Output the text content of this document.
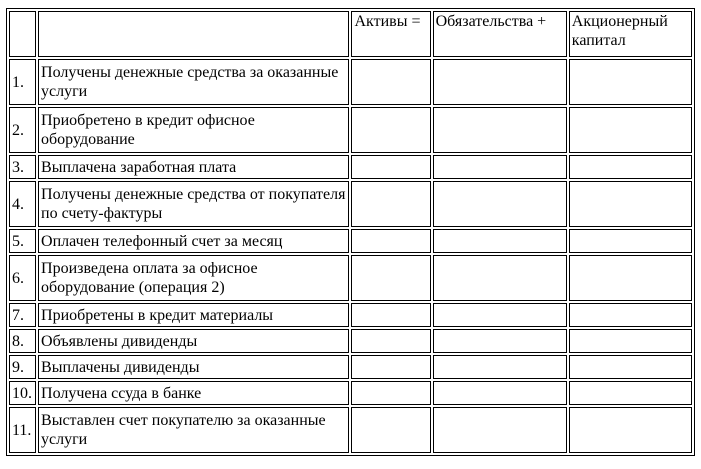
		Активы =	Обязательства +	Акционерный капитал
1.	Получены денежные средства за оказанные услуги			
2.	Приобретено в кредит офисное оборудование			
3.	Выплачена заработная плата			
4.	Получены денежные средства от покупателя по счету-фактуры			
5.	Оплачен телефонный счет за месяц			
6.	Произведена оплата за офисное оборудование (операция 2)			
7.	Приобретены в кредит материалы			
8.	Объявлены дивиденды			
9.	Выплачены дивиденды			
10.	Получена ссуда в банке			
11.	Выставлен счет покупателю за оказанные услуги			
